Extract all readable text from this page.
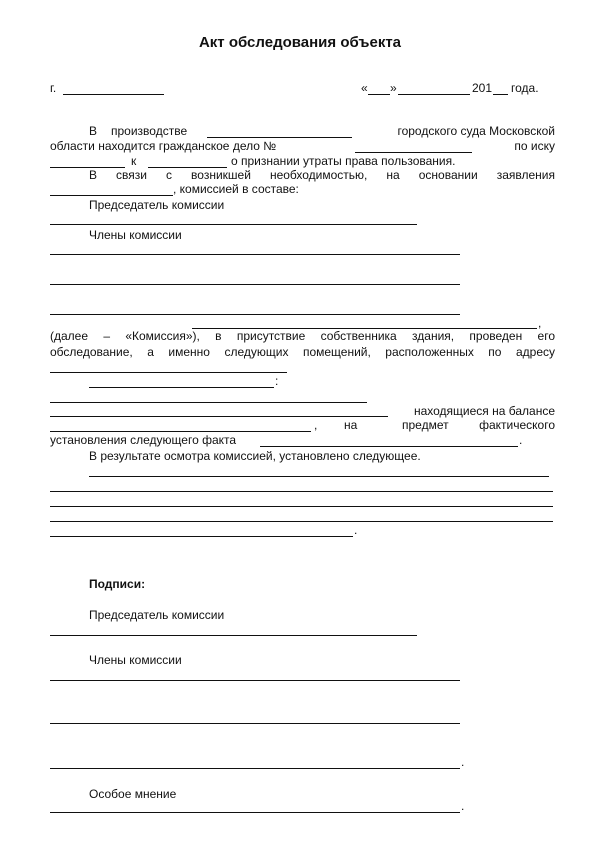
Акт обследования объекта
г.	« »	201 года.
В производстве	городского суда Московской
области находится гражданское дело №	по иску
к	о признании утраты права пользования.
В связи с возникшей необходимостью, на основании заявления
, комиссией в составе:
Председатель комиссии
Члены комиссии
,
(далее – «Комиссия»), в присутствие собственника здания, проведен его
обследование, а именно следующих помещений, расположенных по адресу
:
находящиеся на балансе
, на	предмет	фактического
установления следующего факта	.
В результате осмотра комиссией, установлено следующее.
.
Подписи:
Председатель комиссии
Члены комиссии
.
Особое мнение
.
